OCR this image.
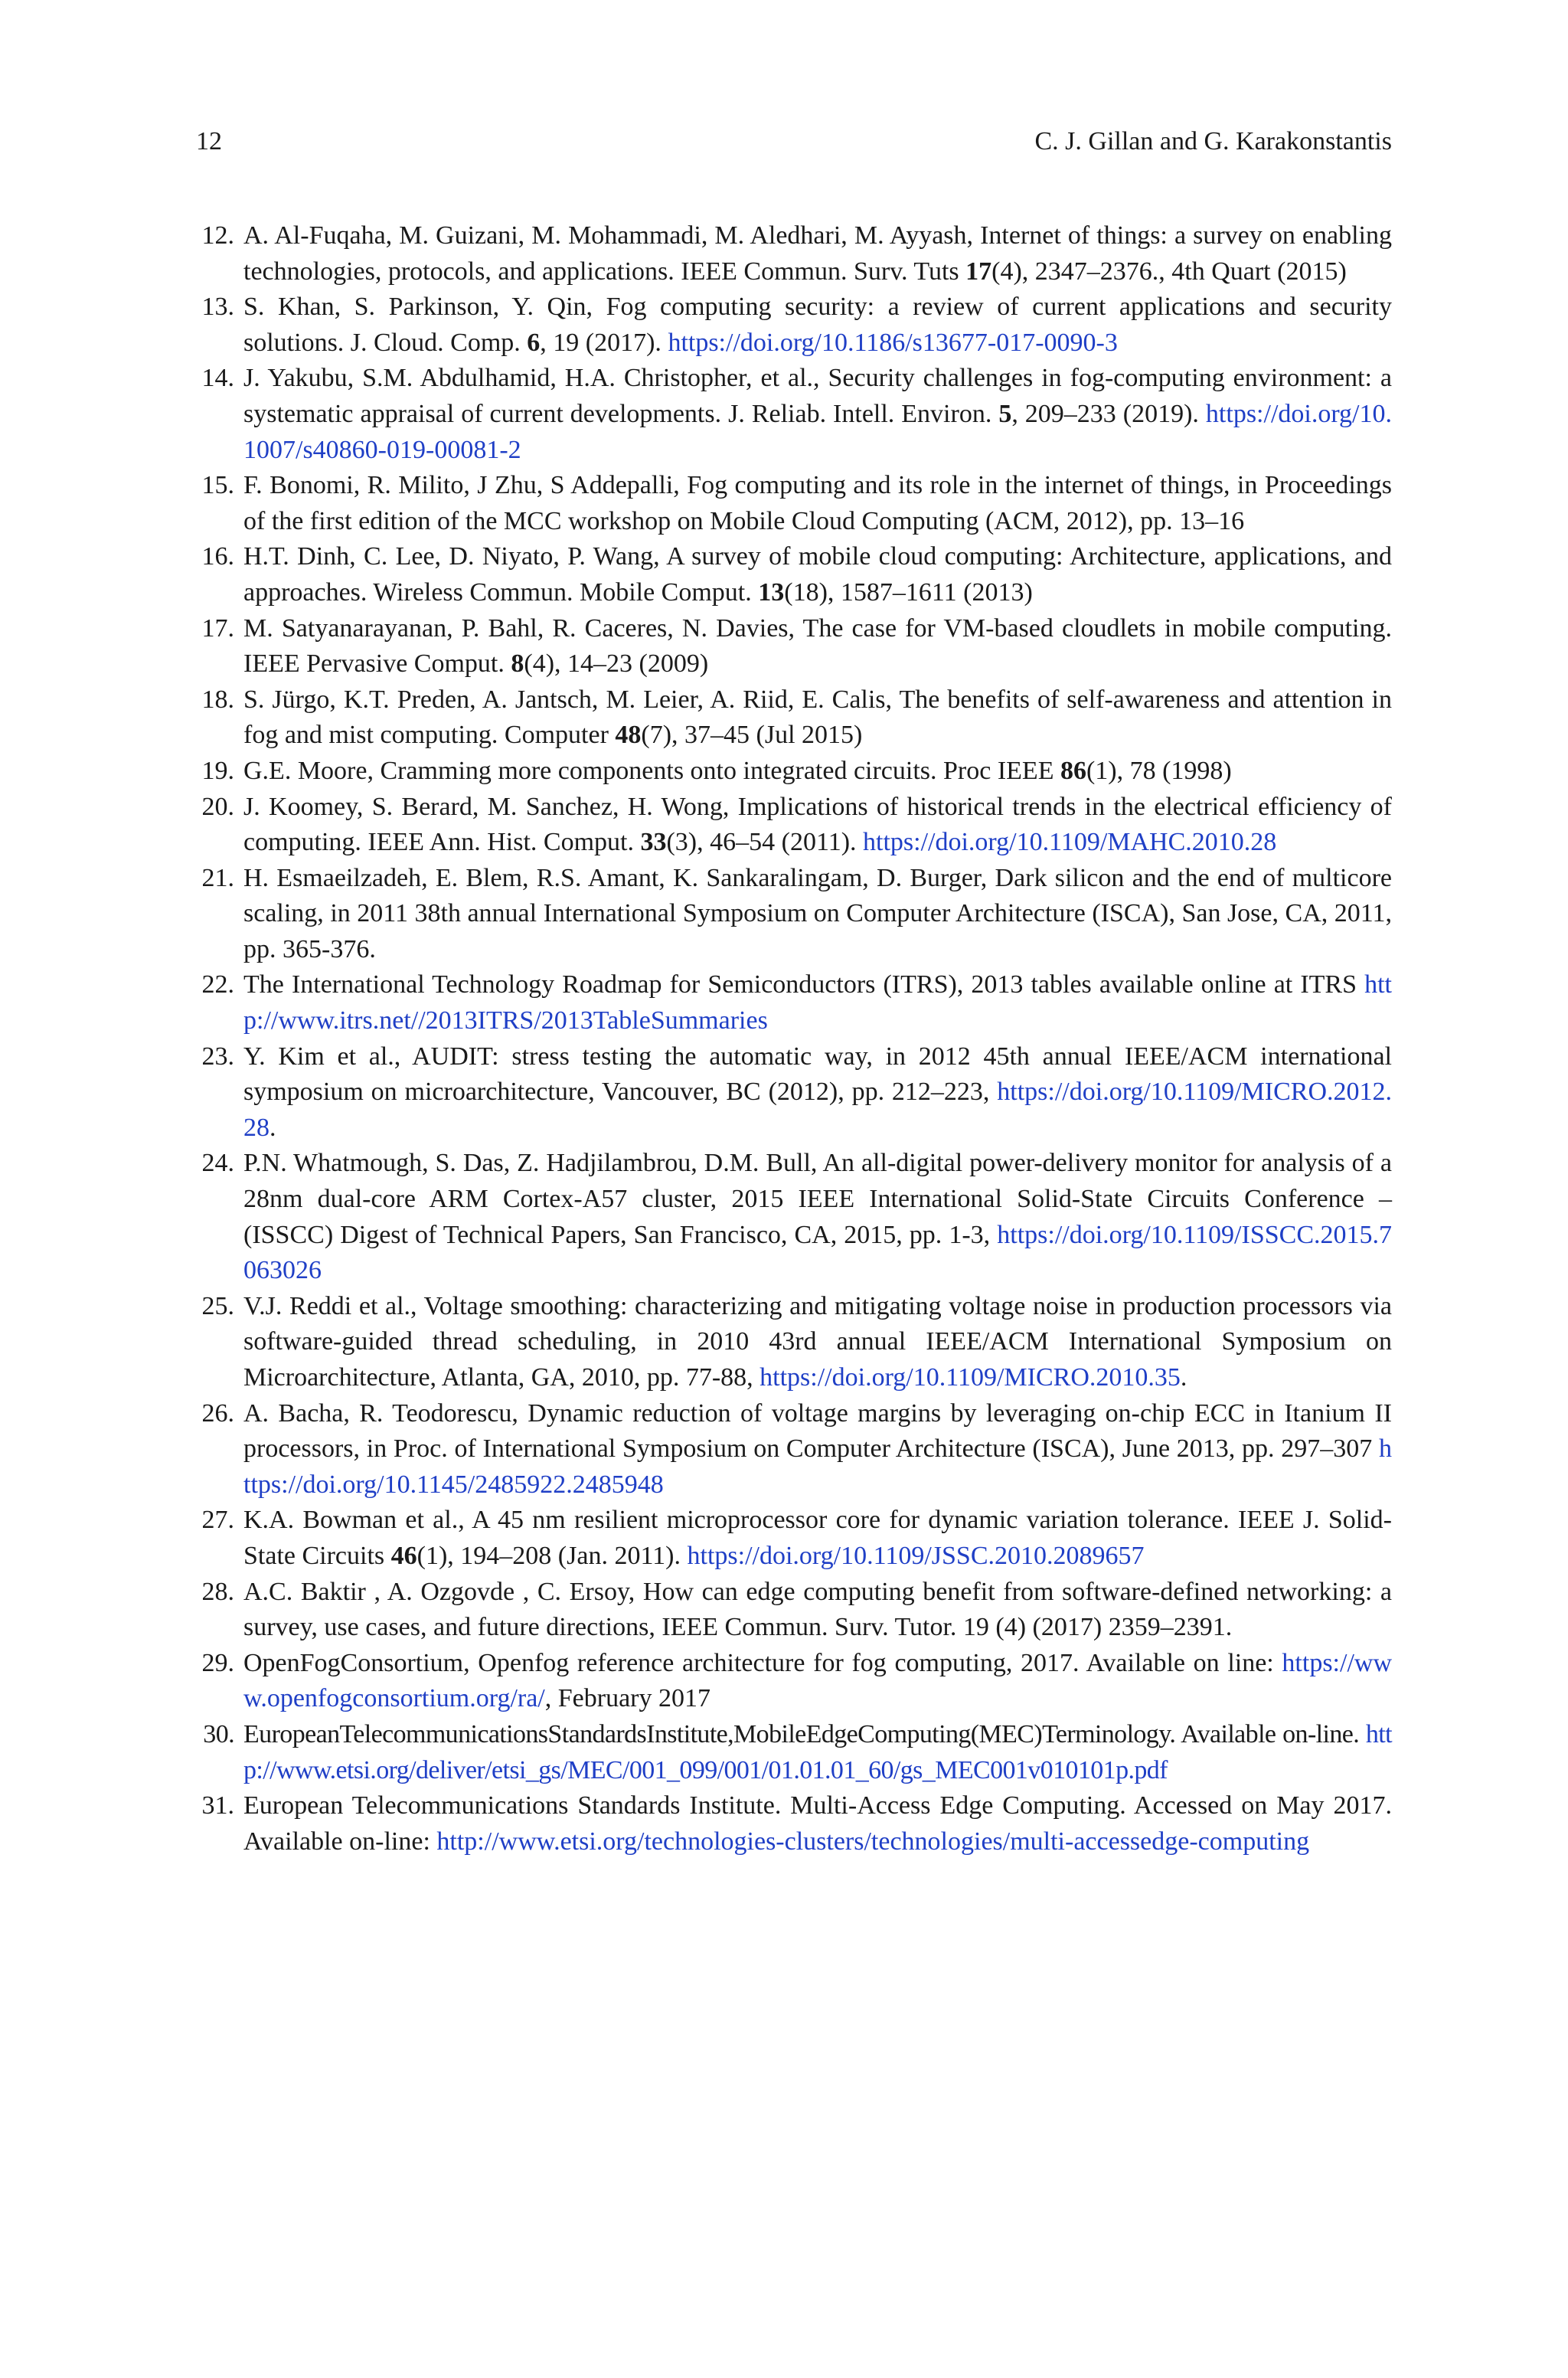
12	C. J. Gillan and G. Karakonstantis
12. A. Al-Fuqaha, M. Guizani, M. Mohammadi, M. Aledhari, M. Ayyash, Internet of things: a survey on enabling technologies, protocols, and applications. IEEE Commun. Surv. Tuts 17(4), 2347–2376., 4th Quart (2015)
13. S. Khan, S. Parkinson, Y. Qin, Fog computing security: a review of current applications and security solutions. J. Cloud. Comp. 6, 19 (2017). https://doi.org/10.1186/s13677-017-0090-3
14. J. Yakubu, S.M. Abdulhamid, H.A. Christopher, et al., Security challenges in fog-computing environment: a systematic appraisal of current developments. J. Reliab. Intell. Environ. 5, 209–233 (2019). https://doi.org/10.1007/s40860-019-00081-2
15. F. Bonomi, R. Milito, J Zhu, S Addepalli, Fog computing and its role in the internet of things, in Proceedings of the first edition of the MCC workshop on Mobile Cloud Computing (ACM, 2012), pp. 13–16
16. H.T. Dinh, C. Lee, D. Niyato, P. Wang, A survey of mobile cloud computing: Architecture, applications, and approaches. Wireless Commun. Mobile Comput. 13(18), 1587–1611 (2013)
17. M. Satyanarayanan, P. Bahl, R. Caceres, N. Davies, The case for VM-based cloudlets in mobile computing. IEEE Pervasive Comput. 8(4), 14–23 (2009)
18. S. Jürgo, K.T. Preden, A. Jantsch, M. Leier, A. Riid, E. Calis, The benefits of self-awareness and attention in fog and mist computing. Computer 48(7), 37–45 (Jul 2015)
19. G.E. Moore, Cramming more components onto integrated circuits. Proc IEEE 86(1), 78 (1998)
20. J. Koomey, S. Berard, M. Sanchez, H. Wong, Implications of historical trends in the electrical efficiency of computing. IEEE Ann. Hist. Comput. 33(3), 46–54 (2011). https://doi.org/10.1109/MAHC.2010.28
21. H. Esmaeilzadeh, E. Blem, R.S. Amant, K. Sankaralingam, D. Burger, Dark silicon and the end of multicore scaling, in 2011 38th annual International Symposium on Computer Architecture (ISCA), San Jose, CA, 2011, pp. 365-376.
22. The International Technology Roadmap for Semiconductors (ITRS), 2013 tables available online at ITRS http://www.itrs.net//2013ITRS/2013TableSummaries
23. Y. Kim et al., AUDIT: stress testing the automatic way, in 2012 45th annual IEEE/ACM international symposium on microarchitecture, Vancouver, BC (2012), pp. 212–223, https://doi.org/10.1109/MICRO.2012.28.
24. P.N. Whatmough, S. Das, Z. Hadjilambrou, D.M. Bull, An all-digital power-delivery monitor for analysis of a 28nm dual-core ARM Cortex-A57 cluster, 2015 IEEE International Solid-State Circuits Conference – (ISSCC) Digest of Technical Papers, San Francisco, CA, 2015, pp. 1-3, https://doi.org/10.1109/ISSCC.2015.7063026
25. V.J. Reddi et al., Voltage smoothing: characterizing and mitigating voltage noise in production processors via software-guided thread scheduling, in 2010 43rd annual IEEE/ACM International Symposium on Microarchitecture, Atlanta, GA, 2010, pp. 77-88, https://doi.org/10.1109/MICRO.2010.35.
26. A. Bacha, R. Teodorescu, Dynamic reduction of voltage margins by leveraging on-chip ECC in Itanium II processors, in Proc. of International Symposium on Computer Architecture (ISCA), June 2013, pp. 297–307 https://doi.org/10.1145/2485922.2485948
27. K.A. Bowman et al., A 45 nm resilient microprocessor core for dynamic variation tolerance. IEEE J. Solid-State Circuits 46(1), 194–208 (Jan. 2011). https://doi.org/10.1109/JSSC.2010.2089657
28. A.C. Baktir , A. Ozgovde , C. Ersoy, How can edge computing benefit from software-defined networking: a survey, use cases, and future directions, IEEE Commun. Surv. Tutor. 19 (4) (2017) 2359–2391.
29. OpenFogConsortium, Openfog reference architecture for fog computing, 2017. Available on line: https://www.openfogconsortium.org/ra/, February 2017
30. EuropeanTelecommunicationsStandardsInstitute,MobileEdgeComputing(MEC)Terminology. Available on-line. http://www.etsi.org/deliver/etsi_gs/MEC/001_099/001/01.01.01_60/gs_MEC001v010101p.pdf
31. European Telecommunications Standards Institute. Multi-Access Edge Computing. Accessed on May 2017. Available on-line: http://www.etsi.org/technologies-clusters/technologies/multi-accessedge-computing
